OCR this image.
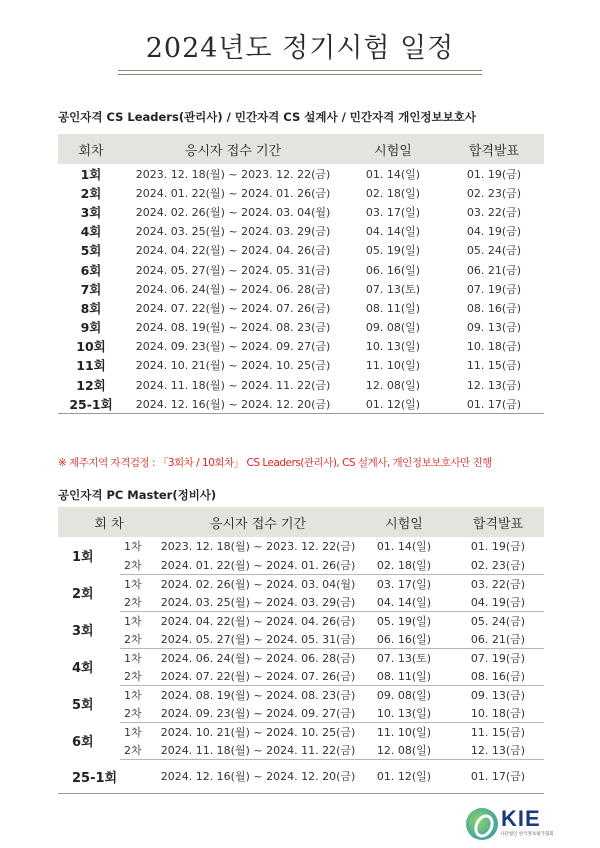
2024년도 정기시험 일정
공인자격 CS Leaders(관리사) / 민간자격 CS 설계사 / 민간자격 개인정보보호사
회차	응시자 접수 기간	시험일	합격발표
1회	2023. 12. 18(월) ~ 2023. 12. 22(금)	01. 14(일)	01. 19(금)
2회	2024. 01. 22(월) ~ 2024. 01. 26(금)	02. 18(일)	02. 23(금)
3회	2024. 02. 26(월) ~ 2024. 03. 04(월)	03. 17(일)	03. 22(금)
4회	2024. 03. 25(월) ~ 2024. 03. 29(금)	04. 14(일)	04. 19(금)
5회	2024. 04. 22(월) ~ 2024. 04. 26(금)	05. 19(일)	05. 24(금)
6회	2024. 05. 27(월) ~ 2024. 05. 31(금)	06. 16(일)	06. 21(금)
7회	2024. 06. 24(월) ~ 2024. 06. 28(금)	07. 13(토)	07. 19(금)
8회	2024. 07. 22(월) ~ 2024. 07. 26(금)	08. 11(일)	08. 16(금)
9회	2024. 08. 19(월) ~ 2024. 08. 23(금)	09. 08(일)	09. 13(금)
10회	2024. 09. 23(월) ~ 2024. 09. 27(금)	10. 13(일)	10. 18(금)
11회	2024. 10. 21(월) ~ 2024. 10. 25(금)	11. 10(일)	11. 15(금)
12회	2024. 11. 18(월) ~ 2024. 11. 22(금)	12. 08(일)	12. 13(금)
25-1회	2024. 12. 16(월) ~ 2024. 12. 20(금)	01. 12(일)	01. 17(금)
※ 제주지역 자격검정 : 「3회차 / 10회차」 CS Leaders(관리사), CS 설계사, 개인정보보호사만 진행
공인자격 PC Master(정비사)
회 차		응시자 접수 기간	시험일	합격발표
1회	1차	2023. 12. 18(월) ~ 2023. 12. 22(금)	01. 14(일)	01. 19(금)
	2차	2024. 01. 22(월) ~ 2024. 01. 26(금)	02. 18(일)	02. 23(금)
2회	1차	2024. 02. 26(월) ~ 2024. 03. 04(월)	03. 17(일)	03. 22(금)
	2차	2024. 03. 25(월) ~ 2024. 03. 29(금)	04. 14(일)	04. 19(금)
3회	1차	2024. 04. 22(월) ~ 2024. 04. 26(금)	05. 19(일)	05. 24(금)
	2차	2024. 05. 27(월) ~ 2024. 05. 31(금)	06. 16(일)	06. 21(금)
4회	1차	2024. 06. 24(월) ~ 2024. 06. 28(금)	07. 13(토)	07. 19(금)
	2차	2024. 07. 22(월) ~ 2024. 07. 26(금)	08. 11(일)	08. 16(금)
5회	1차	2024. 08. 19(월) ~ 2024. 08. 23(금)	09. 08(일)	09. 13(금)
	2차	2024. 09. 23(월) ~ 2024. 09. 27(금)	10. 13(일)	10. 18(금)
6회	1차	2024. 10. 21(월) ~ 2024. 10. 25(금)	11. 10(일)	11. 15(금)
	2차	2024. 11. 18(월) ~ 2024. 11. 22(금)	12. 08(일)	12. 13(금)
25-1회		2024. 12. 16(월) ~ 2024. 12. 20(금)	01. 12(일)	01. 17(금)
KIE
사단법인 한국정보평가협회
